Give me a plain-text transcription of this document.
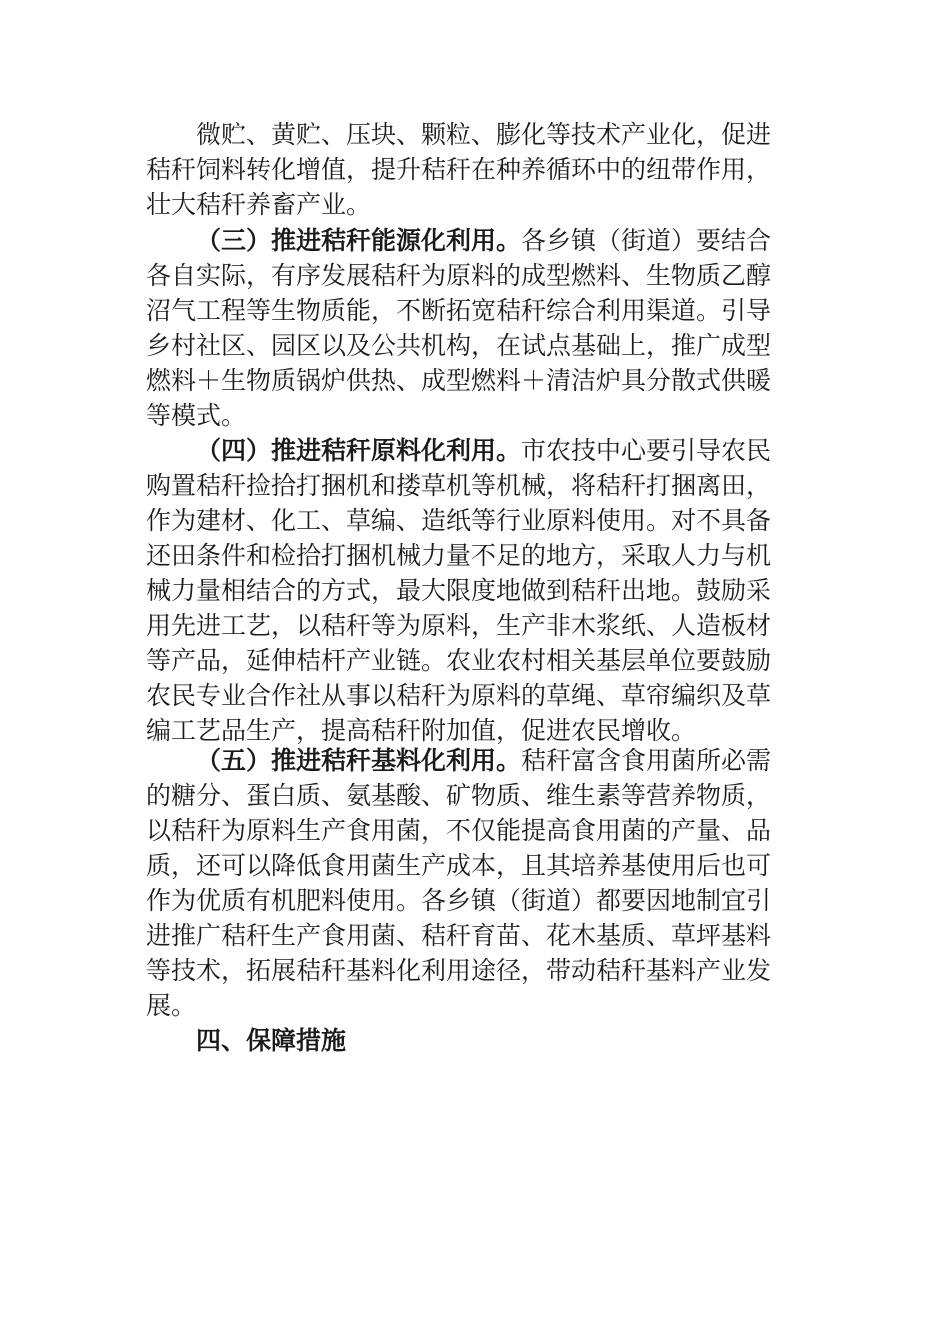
微贮、黄贮、压块、颗粒、膨化等技术产业化，促进
秸秆饲料转化增值，提升秸秆在种养循环中的纽带作用，
壮大秸秆养畜产业。
（三）推进秸秆能源化利用。各乡镇（街道）要结合
各自实际，有序发展秸秆为原料的成型燃料、生物质乙醇
沼气工程等生物质能，不断拓宽秸秆综合利用渠道。引导
乡村社区、园区以及公共机构，在试点基础上，推广成型
燃料＋生物质锅炉供热、成型燃料＋清洁炉具分散式供暖
等模式。
（四）推进秸秆原料化利用。市农技中心要引导农民
购置秸秆捡拾打捆机和搂草机等机械，将秸秆打捆离田，
作为建材、化工、草编、造纸等行业原料使用。对不具备
还田条件和检拾打捆机械力量不足的地方，采取人力与机
械力量相结合的方式，最大限度地做到秸秆出地。鼓励采
用先进工艺，以秸秆等为原料，生产非木浆纸、人造板材
等产品，延伸桔杆产业链。农业农村相关基层单位要鼓励
农民专业合作社从事以秸秆为原料的草绳、草帘编织及草
编工艺品生产，提高秸秆附加值，促进农民增收。
（五）推进秸秆基料化利用。秸秆富含食用菌所必需
的糖分、蛋白质、氨基酸、矿物质、维生素等营养物质，
以秸秆为原料生产食用菌，不仅能提高食用菌的产量、品
质，还可以降低食用菌生产成本，且其培养基使用后也可
作为优质有机肥料使用。各乡镇（街道）都要因地制宜引
进推广秸秆生产食用菌、秸秆育苗、花木基质、草坪基料
等技术，拓展秸秆基料化利用途径，带动秸秆基料产业发
展。
四、保障措施
